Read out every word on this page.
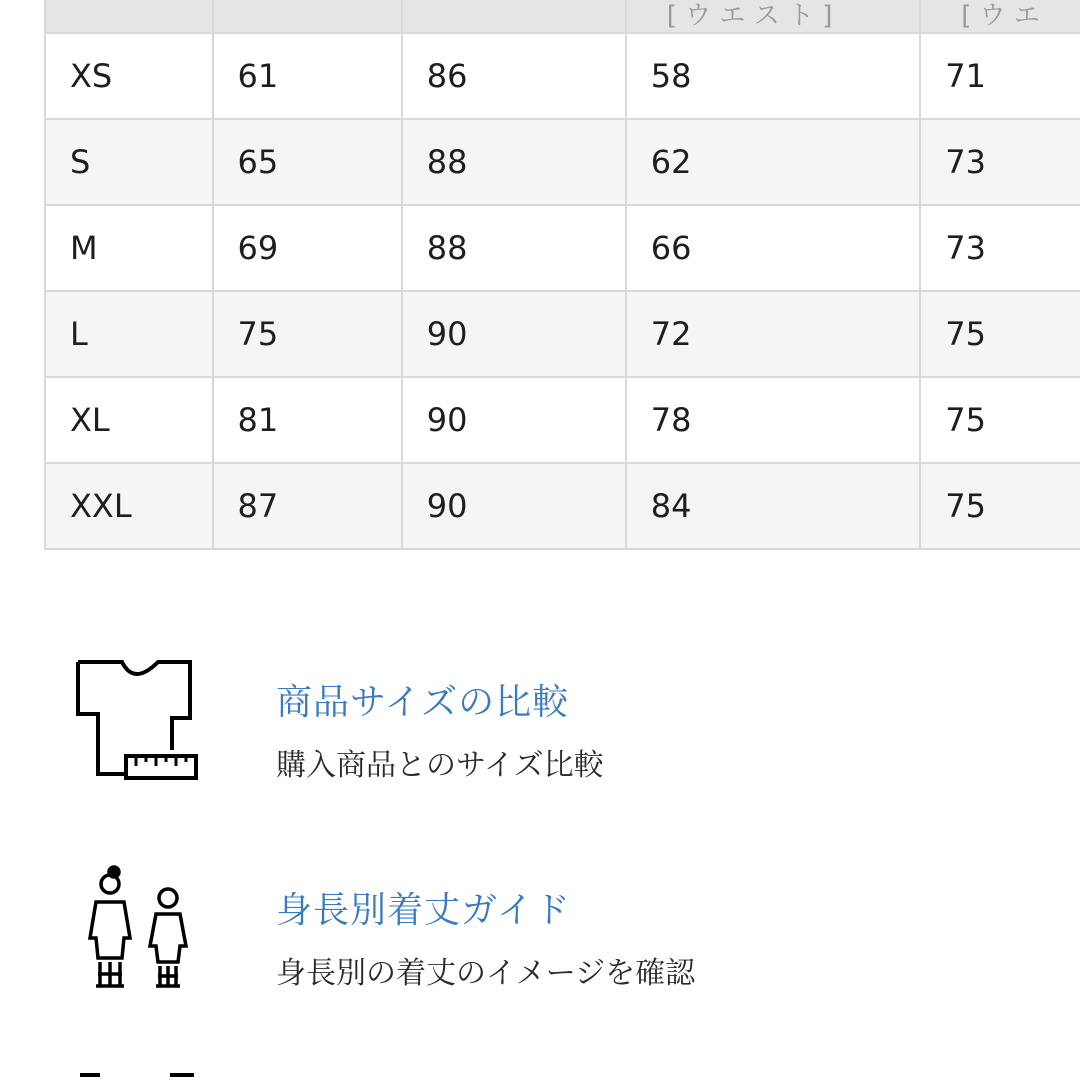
			[ ウ エ ス ト ]	[ ウ エ
XS	61	86	58	71
S	65	88	62	73
M	69	88	66	73
L	75	90	72	75
XL	81	90	78	75
XXL	87	90	84	75
商品サイズの比較
購入商品とのサイズ比較
身長別着丈ガイド
身長別の着丈のイメージを確認
